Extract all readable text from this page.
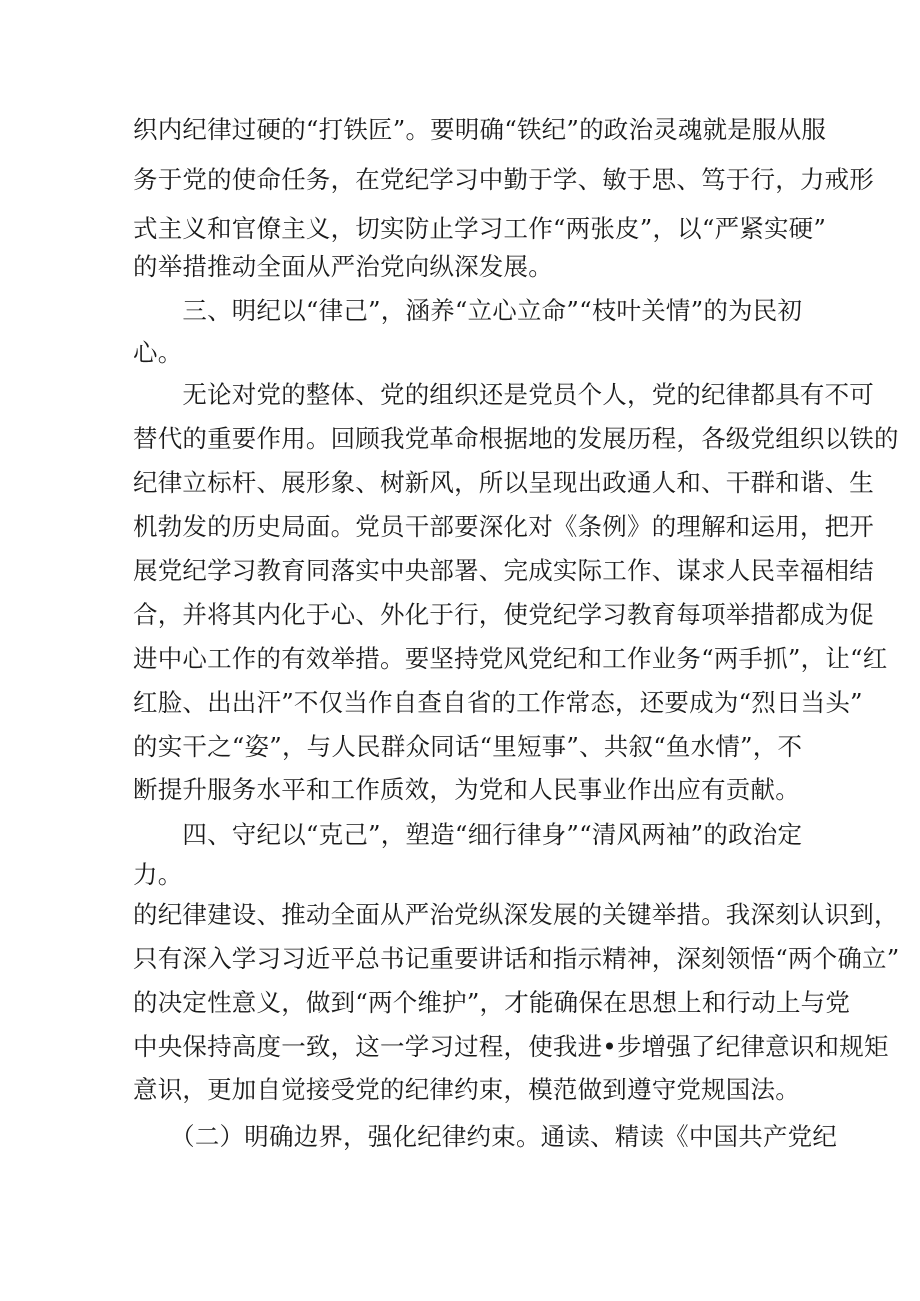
织内纪律过硬的“打铁匠”。要明确“铁纪”的政治灵魂就是服从服
务于党的使命任务，在党纪学习中勤于学、敏于思、笃于行，力戒形
式主义和官僚主义，切实防止学习工作“两张皮”，以“严紧实硬”
的举措推动全面从严治党向纵深发展。
　　三、明纪以“律己”，涵养“立心立命”“枝叶关情”的为民初
心。
　　无论对党的整体、党的组织还是党员个人，党的纪律都具有不可
替代的重要作用。回顾我党革命根据地的发展历程，各级党组织以铁的
纪律立标杆、展形象、树新风，所以呈现出政通人和、干群和谐、生
机勃发的历史局面。党员干部要深化对《条例》的理解和运用，把开
展党纪学习教育同落实中央部署、完成实际工作、谋求人民幸福相结
合，并将其内化于心、外化于行，使党纪学习教育每项举措都成为促
进中心工作的有效举措。要坚持党风党纪和工作业务“两手抓”，让“红
红脸、出出汗”不仅当作自查自省的工作常态，还要成为“烈日当头”
的实干之“姿”，与人民群众同话“里短事”、共叙“鱼水情”，不
断提升服务水平和工作质效，为党和人民事业作出应有贡献。
　　四、守纪以“克己”，塑造“细行律身”“清风两袖”的政治定
力。
的纪律建设、推动全面从严治党纵深发展的关键举措。我深刻认识到，
只有深入学习习近平总书记重要讲话和指示精神，深刻领悟“两个确立”
的决定性意义，做到“两个维护”，才能确保在思想上和行动上与党
中央保持高度一致，这一学习过程，使我进•步增强了纪律意识和规矩
意识，更加自觉接受党的纪律约束，模范做到遵守党规国法。
　　（二）明确边界，强化纪律约束。通读、精读《中国共产党纪
